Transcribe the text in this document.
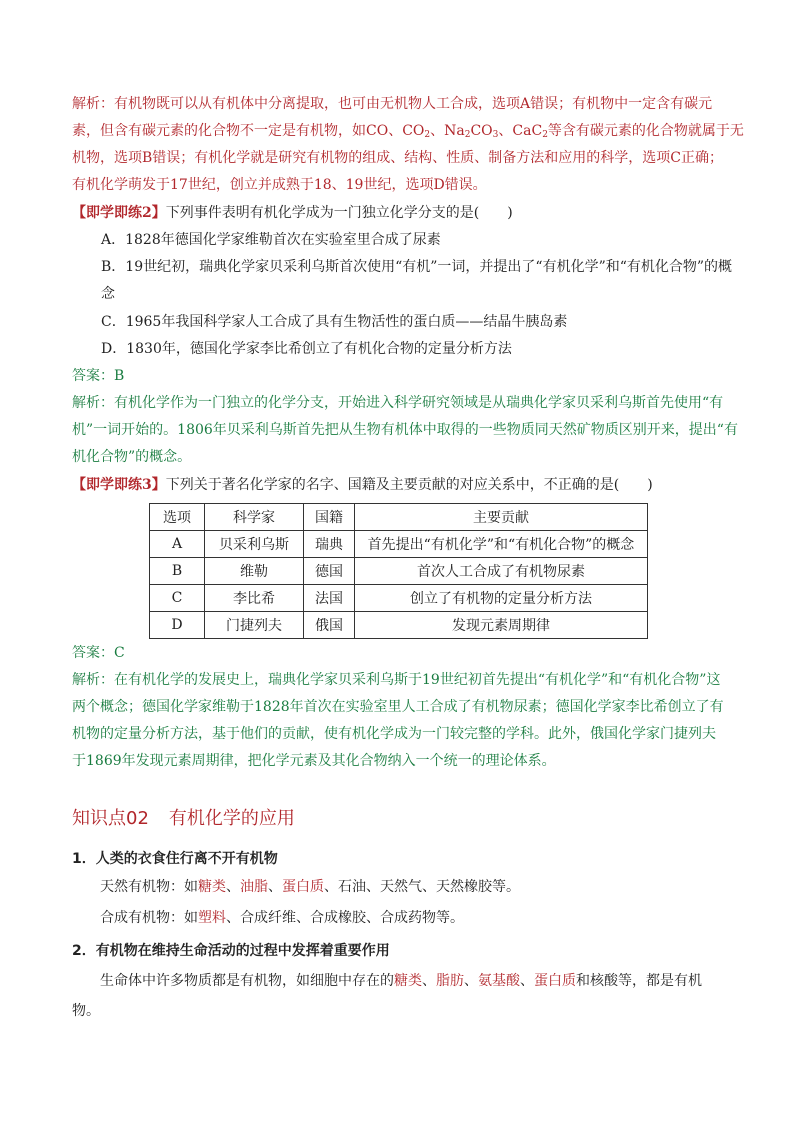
解析：有机物既可以从有机体中分离提取，也可由无机物人工合成，选项A错误；有机物中一定含有碳元
素，但含有碳元素的化合物不一定是有机物，如CO、$CO_2$、$Na_2CO_3$、CaC$_2$等含有碳元素的化合物就属于无
机物，选项B错误；有机化学就是研究有机物的组成、结构、性质、制备方法和应用的科学，选项C正确；
有机化学萌发于17世纪，创立并成熟于18、19世纪，选项D错误。
【即学即练2】下列事件表明有机化学成为一门独立化学分支的是(　　)
A．1828年德国化学家维勒首次在实验室里合成了尿素
B．19世纪初，瑞典化学家贝采利乌斯首次使用“有机”一词，并提出了“有机化学”和“有机化合物”的概
念
C．1965年我国科学家人工合成了具有生物活性的蛋白质——结晶牛胰岛素
D．1830年，德国化学家李比希创立了有机化合物的定量分析方法
答案：B
解析：有机化学作为一门独立的化学分支，开始进入科学研究领域是从瑞典化学家贝采利乌斯首先使用“有
机”一词开始的。1806年贝采利乌斯首先把从生物有机体中取得的一些物质同天然矿物质区别开来，提出“有
机化合物”的概念。
【即学即练3】下列关于著名化学家的名字、国籍及主要贡献的对应关系中，不正确的是(　　)
选项	科学家	国籍	主要贡献
A	贝采利乌斯	瑞典	首先提出“有机化学”和“有机化合物”的概念
B	维勒	德国	首次人工合成了有机物尿素
C	李比希	法国	创立了有机物的定量分析方法
D	门捷列夫	俄国	发现元素周期律
答案：C
解析：在有机化学的发展史上，瑞典化学家贝采利乌斯于19世纪初首先提出“有机化学”和“有机化合物”这
两个概念；德国化学家维勒于1828年首次在实验室里人工合成了有机物尿素；德国化学家李比希创立了有
机物的定量分析方法，基于他们的贡献，使有机化学成为一门较完整的学科。此外，俄国化学家门捷列夫
于1869年发现元素周期律，把化学元素及其化合物纳入一个统一的理论体系。
知识点02 有机化学的应用
1．人类的衣食住行离不开有机物
天然有机物：如糖类、油脂、蛋白质、石油、天然气、天然橡胶等。
合成有机物：如塑料、合成纤维、合成橡胶、合成药物等。
2．有机物在维持生命活动的过程中发挥着重要作用
生命体中许多物质都是有机物，如细胞中存在的糖类、脂肪、氨基酸、蛋白质和核酸等，都是有机
物。
